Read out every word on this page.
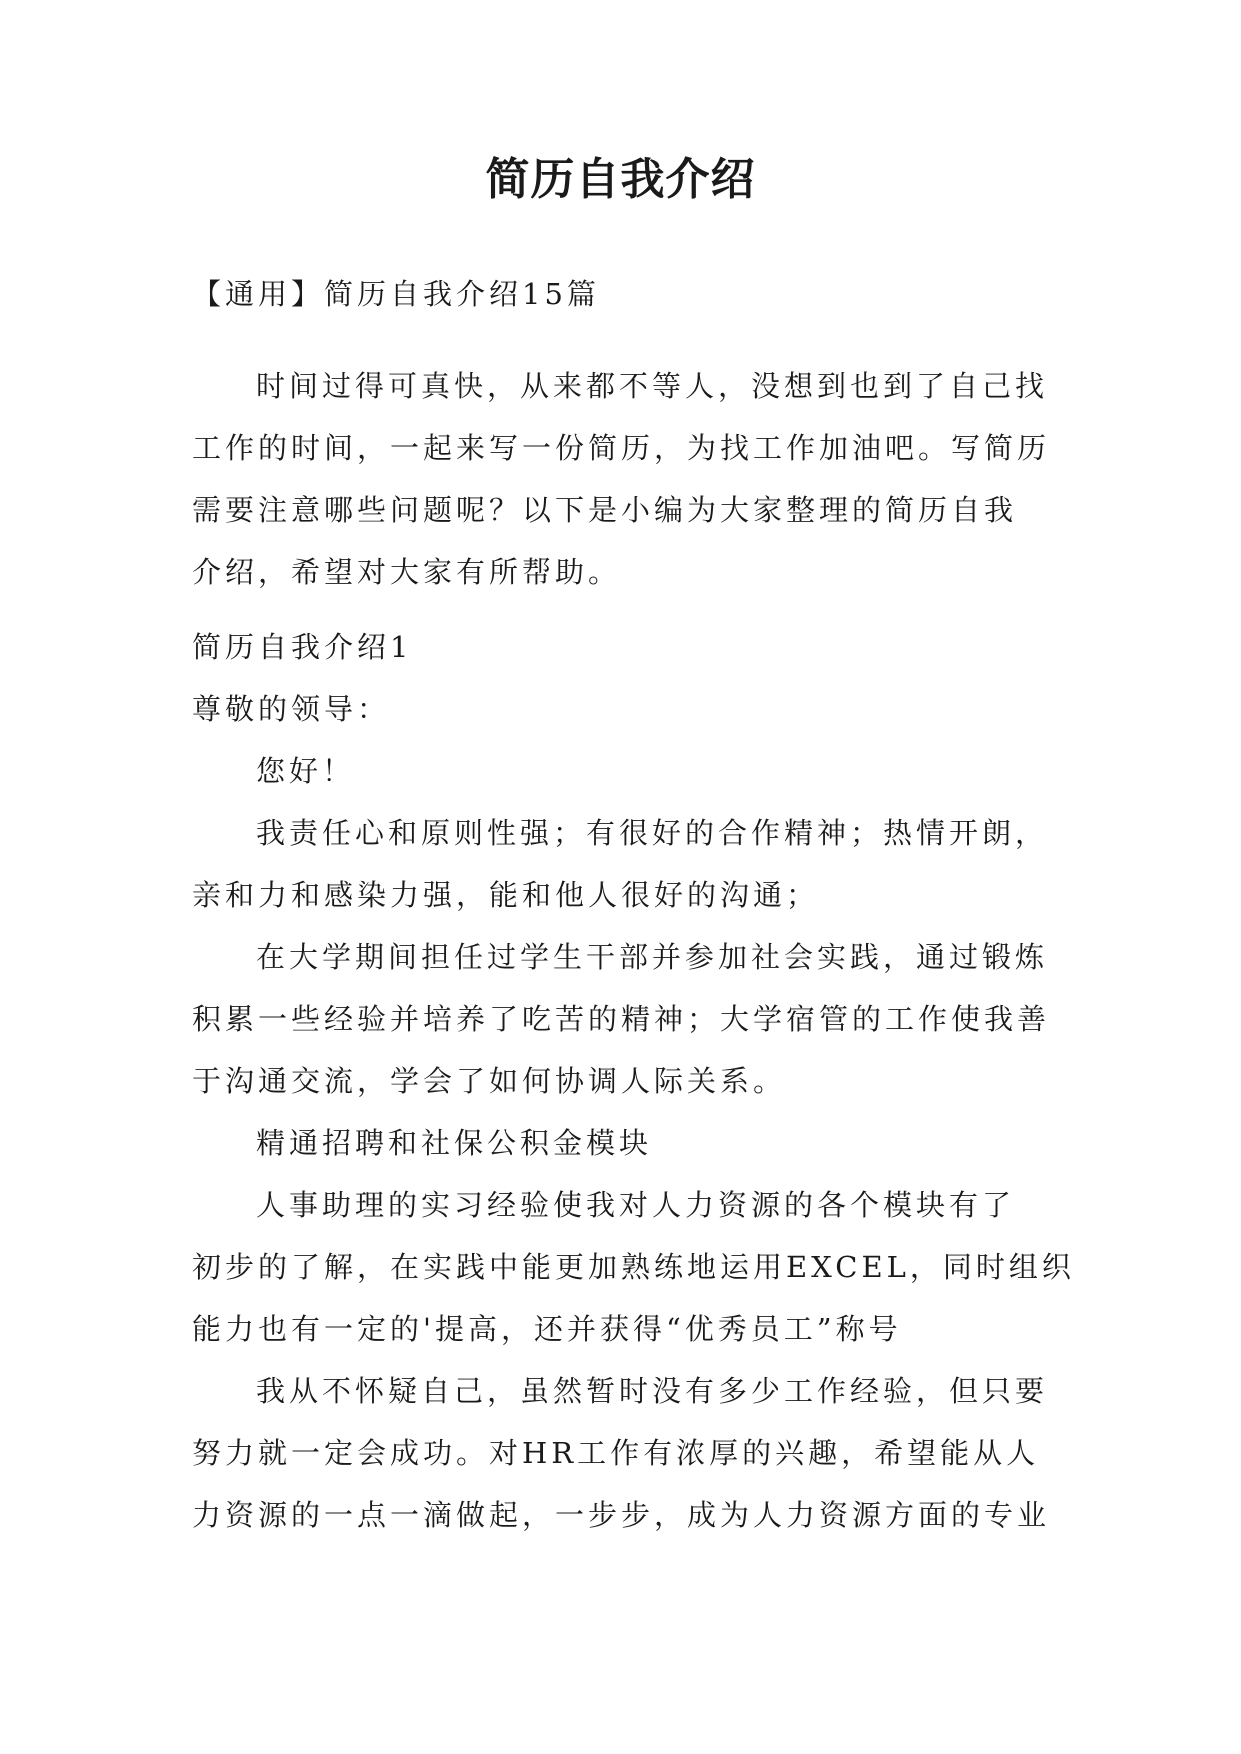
简历自我介绍
【通用】简历自我介绍15篇
时间过得可真快，从来都不等人，没想到也到了自己找
工作的时间，一起来写一份简历，为找工作加油吧。写简历
需要注意哪些问题呢？以下是小编为大家整理的简历自我
介绍，希望对大家有所帮助。
简历自我介绍1
尊敬的领导：
您好！
我责任心和原则性强；有很好的合作精神；热情开朗，
亲和力和感染力强，能和他人很好的沟通；
在大学期间担任过学生干部并参加社会实践，通过锻炼
积累一些经验并培养了吃苦的精神；大学宿管的工作使我善
于沟通交流，学会了如何协调人际关系。
精通招聘和社保公积金模块
人事助理的实习经验使我对人力资源的各个模块有了
初步的了解，在实践中能更加熟练地运用EXCEL，同时组织
能力也有一定的'提高，还并获得“优秀员工”称号
我从不怀疑自己，虽然暂时没有多少工作经验，但只要
努力就一定会成功。对HR工作有浓厚的兴趣，希望能从人
力资源的一点一滴做起，一步步，成为人力资源方面的专业
